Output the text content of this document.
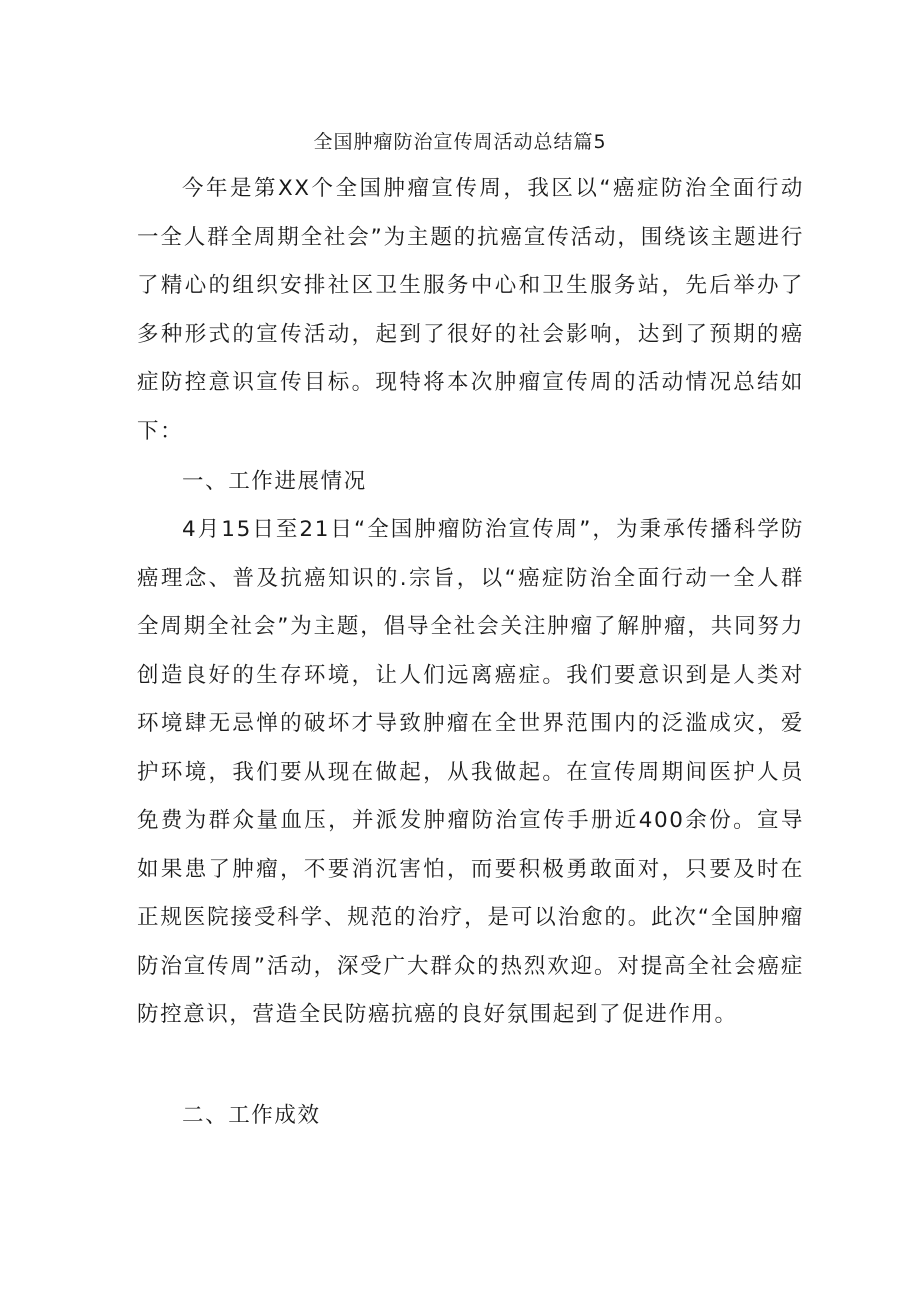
全国肿瘤防治宣传周活动总结篇5

今年是第XX个全国肿瘤宣传周，我区以“癌症防治全面行动一全人群全周期全社会”为主题的抗癌宣传活动，围绕该主题进行了精心的组织安排社区卫生服务中心和卫生服务站，先后举办了多种形式的宣传活动，起到了很好的社会影响，达到了预期的癌症防控意识宣传目标。现特将本次肿瘤宣传周的活动情况总结如下：

一、工作进展情况

4月15日至21日“全国肿瘤防治宣传周”，为秉承传播科学防癌理念、普及抗癌知识的.宗旨，以“癌症防治全面行动一全人群全周期全社会”为主题，倡导全社会关注肿瘤了解肿瘤，共同努力创造良好的生存环境，让人们远离癌症。我们要意识到是人类对环境肆无忌惮的破坏才导致肿瘤在全世界范围内的泛滥成灾，爱护环境，我们要从现在做起，从我做起。在宣传周期间医护人员免费为群众量血压，并派发肿瘤防治宣传手册近400余份。宣导如果患了肿瘤，不要消沉害怕，而要积极勇敢面对，只要及时在正规医院接受科学、规范的治疗，是可以治愈的。此次“全国肿瘤防治宣传周”活动，深受广大群众的热烈欢迎。对提高全社会癌症防控意识，营造全民防癌抗癌的良好氛围起到了促进作用。

二、工作成效
